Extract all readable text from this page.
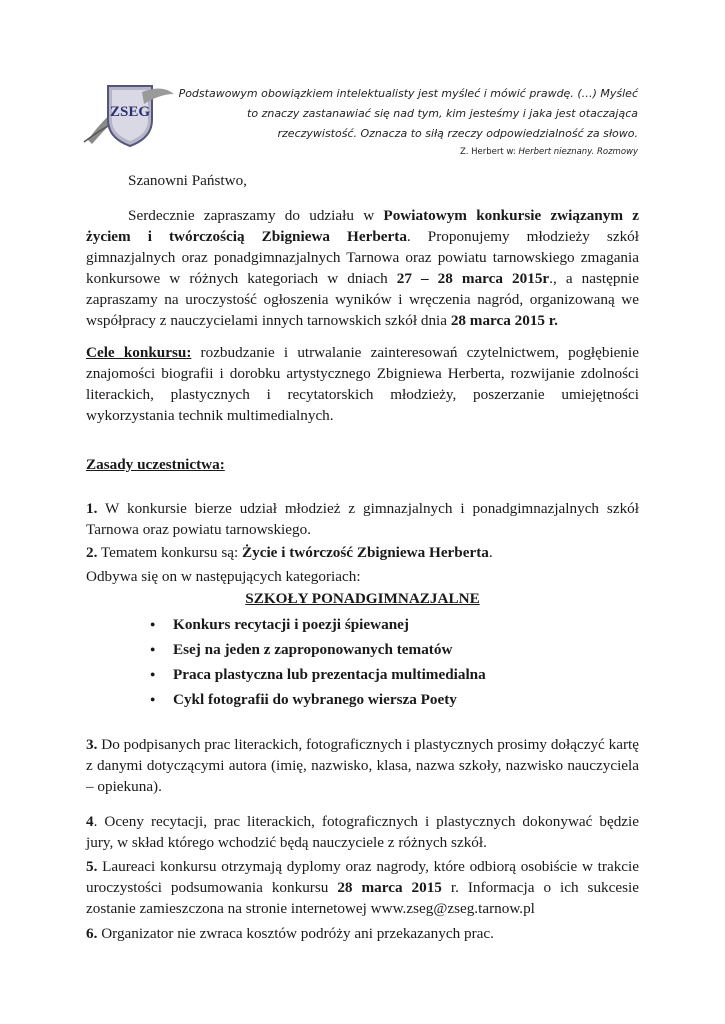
ZSEG
Podstawowym obowiązkiem intelektualisty jest myśleć i mówić prawdę. (…) Myśleć to znaczy zastanawiać się nad tym, kim jesteśmy i jaka jest otaczająca rzeczywistość. Oznacza to siłą rzeczy odpowiedzialność za słowo.
Z. Herbert w: Herbert nieznany. Rozmowy
Szanowni Państwo,

Serdecznie zapraszamy do udziału w Powiatowym konkursie związanym z życiem i twórczością Zbigniewa Herberta. Proponujemy młodzieży szkół gimnazjalnych oraz ponadgimnazjalnych Tarnowa oraz powiatu tarnowskiego zmagania konkursowe w różnych kategoriach w dniach 27 – 28 marca 2015r., a następnie zapraszamy na uroczystość ogłoszenia wyników i wręczenia nagród, organizowaną we współpracy z nauczycielami innych tarnowskich szkół dnia 28 marca 2015 r.

Cele konkursu: rozbudzanie i utrwalanie zainteresowań czytelnictwem, pogłębienie znajomości biografii i dorobku artystycznego Zbigniewa Herberta, rozwijanie zdolności literackich, plastycznych i recytatorskich młodzieży, poszerzanie umiejętności wykorzystania technik multimedialnych.

Zasady uczestnictwa:

1. W konkursie bierze udział młodzież z gimnazjalnych i ponadgimnazjalnych szkół Tarnowa oraz powiatu tarnowskiego.

2. Tematem konkursu są: Życie i twórczość Zbigniewa Herberta.

Odbywa się on w następujących kategoriach:

SZKOŁY PONADGIMNAZJALNE
● Konkurs recytacji i poezji śpiewanej
● Esej na jeden z zaproponowanych tematów
● Praca plastyczna lub prezentacja multimedialna
● Cykl fotografii do wybranego wiersza Poety

3. Do podpisanych prac literackich, fotograficznych i plastycznych prosimy dołączyć kartę z danymi dotyczącymi autora (imię, nazwisko, klasa, nazwa szkoły, nazwisko nauczyciela – opiekuna).

4. Oceny recytacji, prac literackich, fotograficznych i plastycznych dokonywać będzie jury, w skład którego wchodzić będą nauczyciele z różnych szkół.

5. Laureaci konkursu otrzymają dyplomy oraz nagrody, które odbiorą osobiście w trakcie uroczystości podsumowania konkursu 28 marca 2015 r. Informacja o ich sukcesie zostanie zamieszczona na stronie internetowej www.zseg@zseg.tarnow.pl

6. Organizator nie zwraca kosztów podróży ani przekazanych prac.
